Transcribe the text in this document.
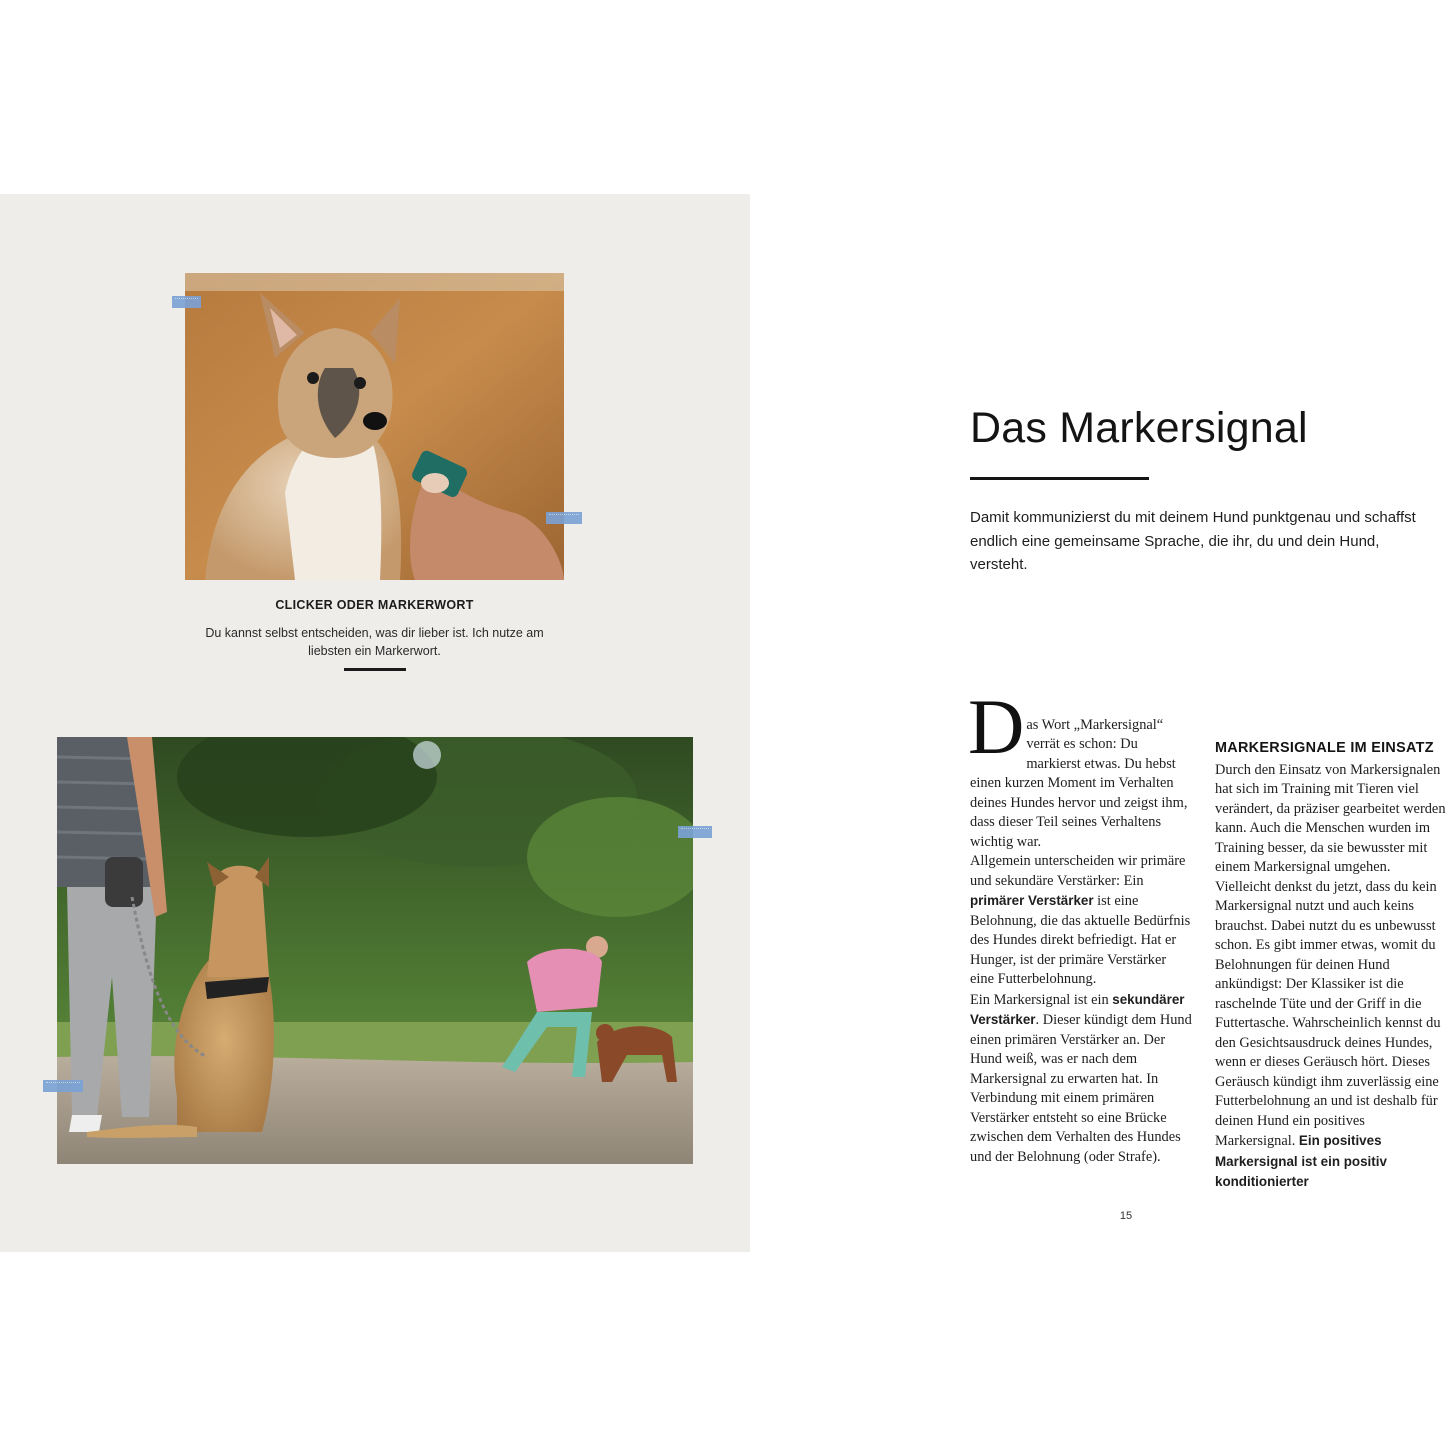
CLICKER ODER MARKERWORT
Du kannst selbst entscheiden, was dir lieber ist. Ich nutze am liebsten ein Markerwort.
Das Markersignal

Damit kommunizierst du mit deinem Hund punktgenau und schaffst endlich eine gemeinsame Sprache, die ihr, du und dein Hund, versteht.

Das Wort „Markersignal“ verrät es schon: Du markierst etwas. Du hebst einen kurzen Moment im Verhalten deines Hundes hervor und zeigst ihm, dass dieser Teil seines Verhaltens wichtig war.

Allgemein unterscheiden wir primäre und sekundäre Verstärker: Ein primärer Verstärker ist eine Belohnung, die das aktuelle Bedürfnis des Hundes direkt befriedigt. Hat er Hunger, ist der primäre Verstärker eine Futterbelohnung.

Ein Markersignal ist ein sekundärer Verstärker. Dieser kündigt dem Hund einen primären Verstärker an. Der Hund weiß, was er nach dem Markersignal zu erwarten hat. In Verbindung mit einem primären Verstärker entsteht so eine Brücke zwischen dem Verhalten des Hundes und der Belohnung (oder Strafe).

MARKERSIGNALE IM EINSATZ

Durch den Einsatz von Markersignalen hat sich im Training mit Tieren viel verändert, da präziser gearbeitet werden kann. Auch die Menschen wurden im Training besser, da sie bewusster mit einem Markersignal umgehen. Vielleicht denkst du jetzt, dass du kein Markersignal nutzt und auch keins brauchst. Dabei nutzt du es unbewusst schon. Es gibt immer etwas, womit du Belohnungen für deinen Hund ankündigst: Der Klassiker ist die raschelnde Tüte und der Griff in die Futtertasche. Wahrscheinlich kennst du den Gesichtsausdruck deines Hundes, wenn er dieses Geräusch hört. Dieses Geräusch kündigt ihm zuverlässig eine Futterbelohnung an und ist deshalb für deinen Hund ein positives Markersignal. Ein positives Markersignal ist ein positiv konditionierter

15
